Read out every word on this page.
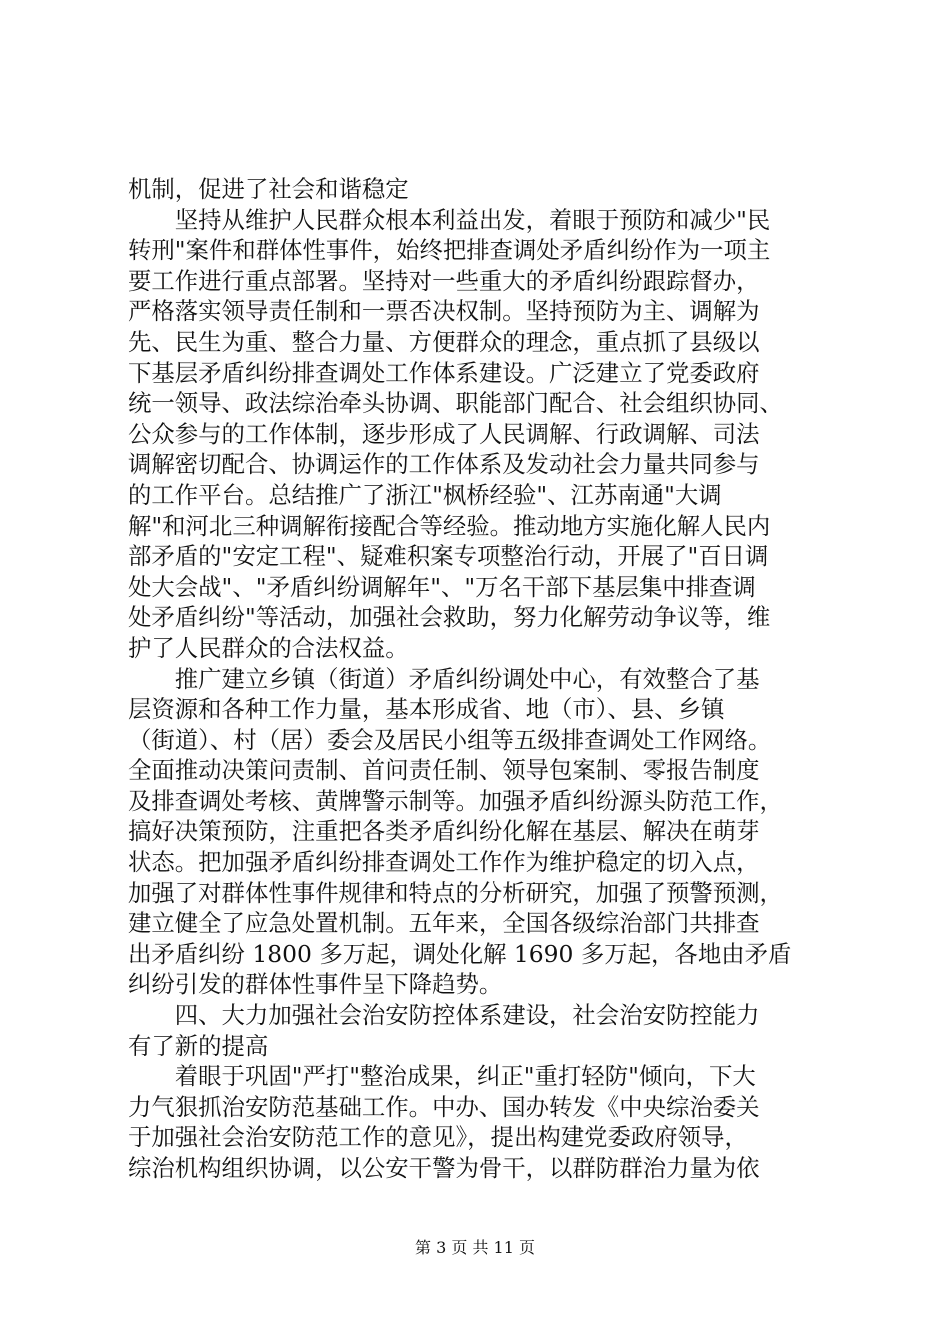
机制，促进了社会和谐稳定
　　坚持从维护人民群众根本利益出发，着眼于预防和减少"民
转刑"案件和群体性事件，始终把排查调处矛盾纠纷作为一项主
要工作进行重点部署。坚持对一些重大的矛盾纠纷跟踪督办，
严格落实领导责任制和一票否决权制。坚持预防为主、调解为
先、民生为重、整合力量、方便群众的理念，重点抓了县级以
下基层矛盾纠纷排查调处工作体系建设。广泛建立了党委政府
统一领导、政法综治牵头协调、职能部门配合、社会组织协同、
公众参与的工作体制，逐步形成了人民调解、行政调解、司法
调解密切配合、协调运作的工作体系及发动社会力量共同参与
的工作平台。总结推广了浙江"枫桥经验"、江苏南通"大调
解"和河北三种调解衔接配合等经验。推动地方实施化解人民内
部矛盾的"安定工程"、疑难积案专项整治行动，开展了"百日调
处大会战"、"矛盾纠纷调解年"、"万名干部下基层集中排查调
处矛盾纠纷"等活动，加强社会救助，努力化解劳动争议等，维
护了人民群众的合法权益。
　　推广建立乡镇（街道）矛盾纠纷调处中心，有效整合了基
层资源和各种工作力量，基本形成省、地（市）、县、乡镇
（街道）、村（居）委会及居民小组等五级排查调处工作网络。
全面推动决策问责制、首问责任制、领导包案制、零报告制度
及排查调处考核、黄牌警示制等。加强矛盾纠纷源头防范工作，
搞好决策预防，注重把各类矛盾纠纷化解在基层、解决在萌芽
状态。把加强矛盾纠纷排查调处工作作为维护稳定的切入点，
加强了对群体性事件规律和特点的分析研究，加强了预警预测，
建立健全了应急处置机制。五年来，全国各级综治部门共排查
出矛盾纠纷 1800 多万起，调处化解 1690 多万起，各地由矛盾
纠纷引发的群体性事件呈下降趋势。
　　四、大力加强社会治安防控体系建设，社会治安防控能力
有了新的提高
　　着眼于巩固"严打"整治成果，纠正"重打轻防"倾向，下大
力气狠抓治安防范基础工作。中办、国办转发《中央综治委关
于加强社会治安防范工作的意见》，提出构建党委政府领导，
综治机构组织协调，以公安干警为骨干，以群防群治力量为依
第 3 页 共 11 页
